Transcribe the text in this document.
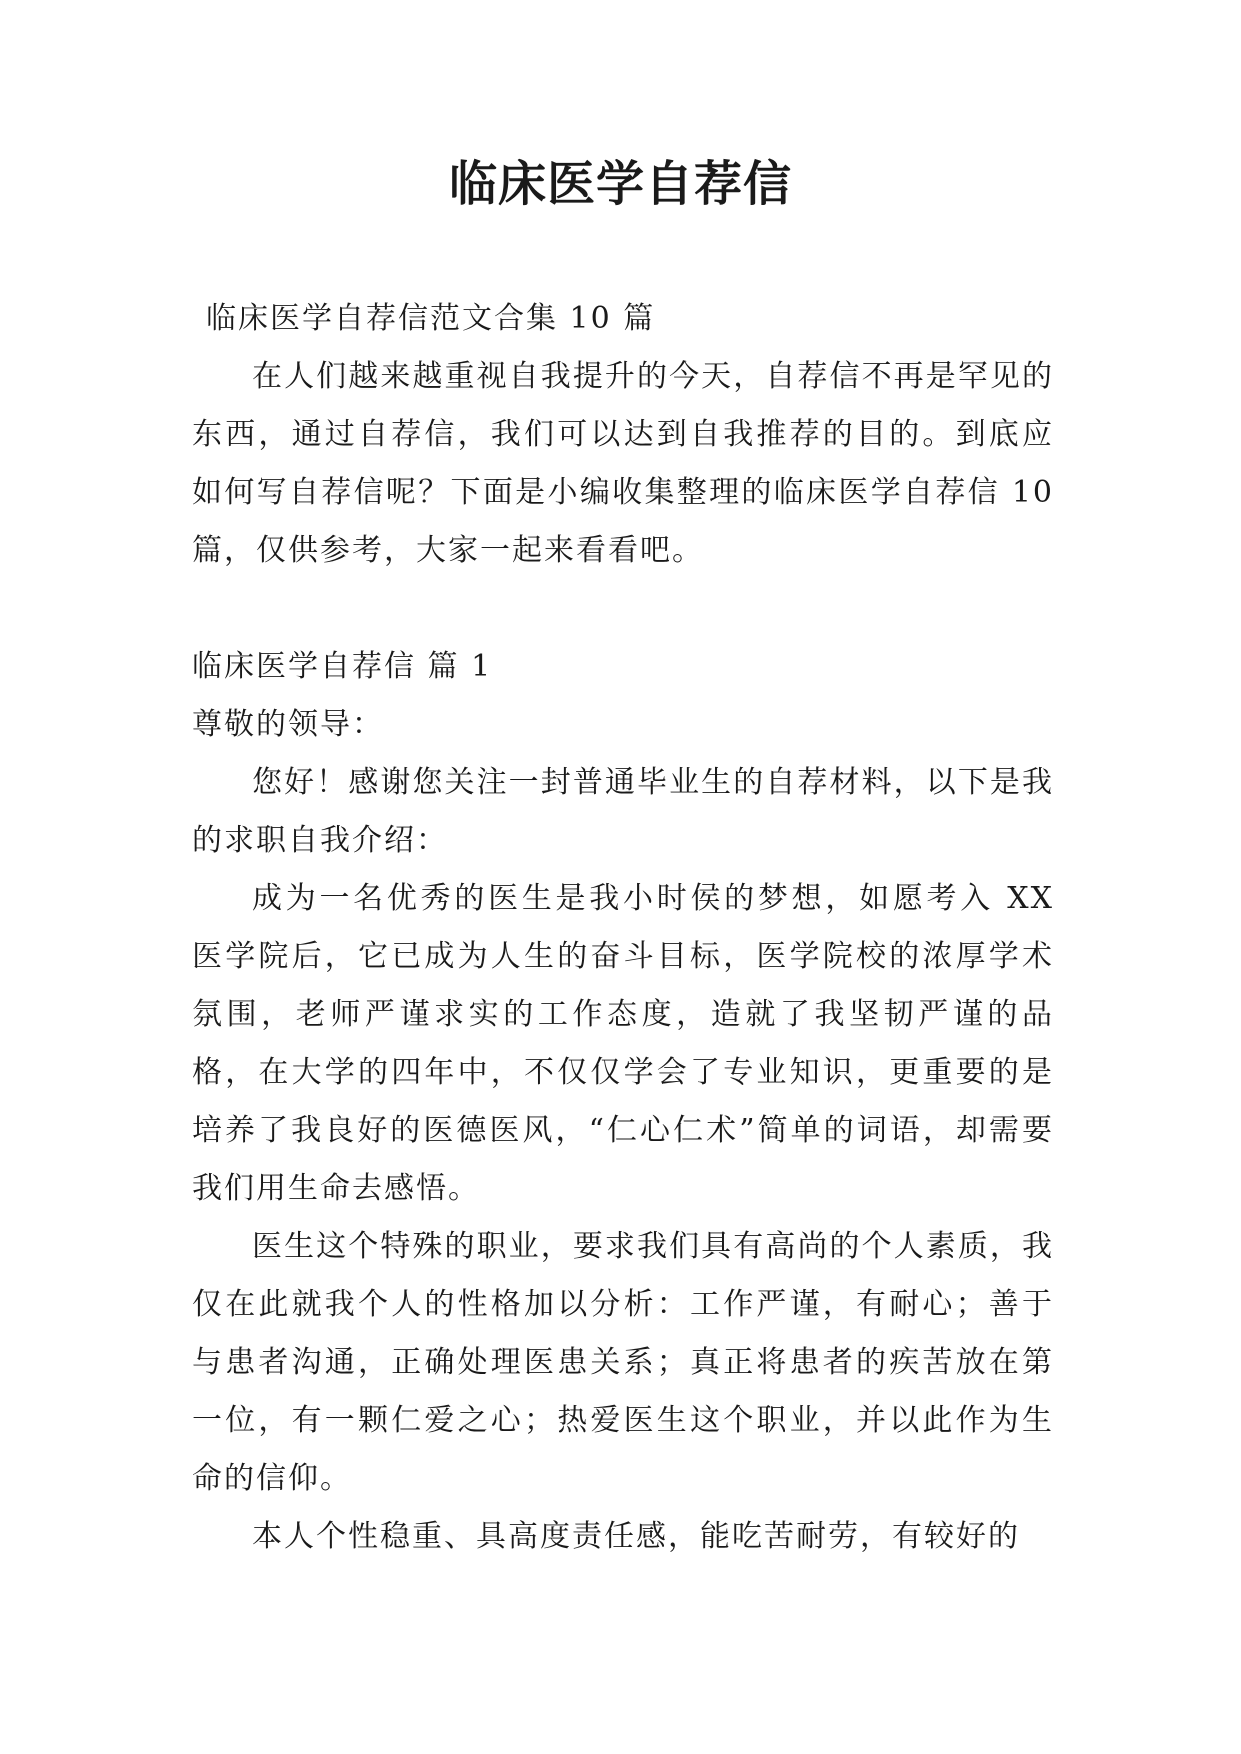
临床医学自荐信

临床医学自荐信范文合集 10 篇

在人们越来越重视自我提升的今天，自荐信不再是罕见的东西，通过自荐信，我们可以达到自我推荐的目的。到底应如何写自荐信呢？下面是小编收集整理的临床医学自荐信 10 篇，仅供参考，大家一起来看看吧。

临床医学自荐信 篇 1

尊敬的领导：

您好！感谢您关注一封普通毕业生的自荐材料，以下是我的求职自我介绍：

成为一名优秀的医生是我小时侯的梦想，如愿考入 XX 医学院后，它已成为人生的奋斗目标，医学院校的浓厚学术氛围，老师严谨求实的工作态度，造就了我坚韧严谨的品格，在大学的四年中，不仅仅学会了专业知识，更重要的是培养了我良好的医德医风，“仁心仁术”简单的词语，却需要我们用生命去感悟。

医生这个特殊的职业，要求我们具有高尚的个人素质，我仅在此就我个人的性格加以分析：工作严谨，有耐心；善于与患者沟通，正确处理医患关系；真正将患者的疾苦放在第一位，有一颗仁爱之心；热爱医生这个职业，并以此作为生命的信仰。

本人个性稳重、具高度责任感，能吃苦耐劳，有较好的
